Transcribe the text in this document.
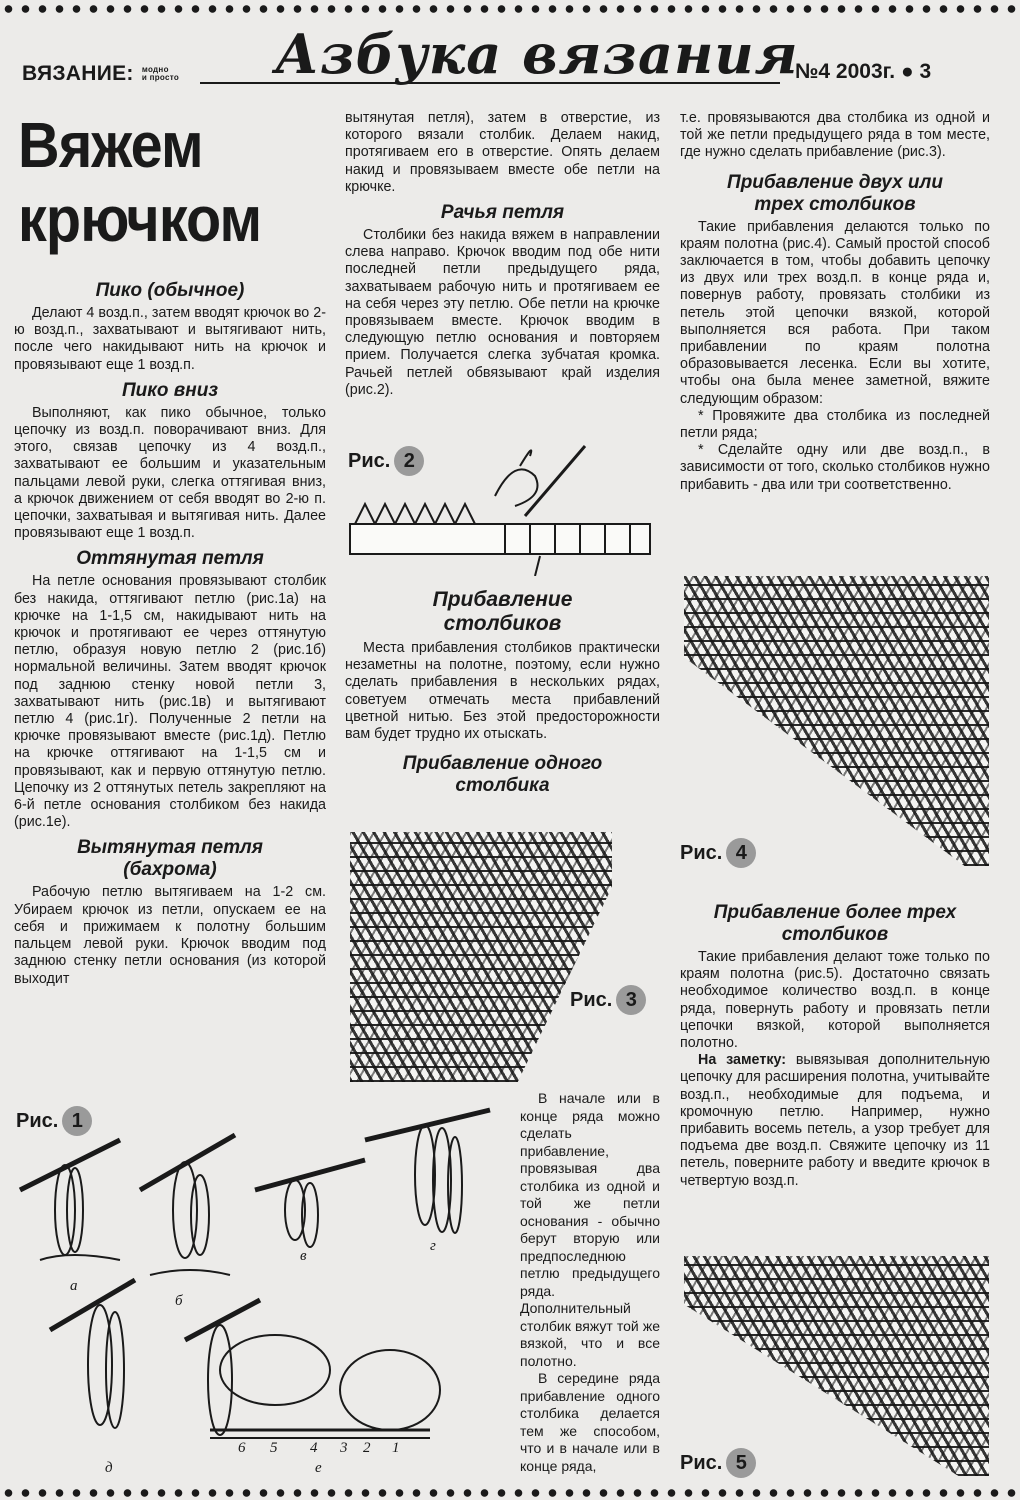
ВЯЗАНИЕ: модно
и просто Азбука вязания
№4 2003г. ● 3
Вяжем
крючком
Пико (обычное)

Делают 4 возд.п., затем вводят крючок во 2-ю возд.п., захватывают и вытягивают нить, после чего накидывают нить на крючок и провязывают еще 1 возд.п.

Пико вниз

Выполняют, как пико обычное, только цепочку из возд.п. поворачивают вниз. Для этого, связав цепочку из 4 возд.п., захватывают ее большим и указательным пальцами левой руки, слегка оттягивая вниз, а крючок движением от себя вводят во 2-ю п. цепочки, захватывая и вытягивая нить. Далее провязывают еще 1 возд.п.

Оттянутая петля

На петле основания провязывают столбик без накида, оттягивают петлю (рис.1а) на крючке на 1-1,5 см, накидывают нить на крючок и протягивают ее через оттянутую петлю, образуя новую петлю 2 (рис.1б) нормальной величины. Затем вводят крючок под заднюю стенку новой петли 3, захватывают нить (рис.1в) и вытягивают петлю 4 (рис.1г). Полученные 2 петли на крючке провязывают вместе (рис.1д). Петлю на крючке оттягивают на 1-1,5 см и провязывают, как и первую оттянутую петлю. Цепочку из 2 оттянутых петель закрепляют на 6-й петле основания столбиком без накида (рис.1е).

Вытянутая петля
(бахрома)

Рабочую петлю вытягиваем на 1-2 см. Убираем крючок из петли, опускаем ее на себя и прижимаем к полотну большим пальцем левой руки. Крючок вводим под заднюю стенку петли основания (из которой выходит

вытянутая петля), затем в отверстие, из которого вязали столбик. Делаем накид, протягиваем его в отверстие. Опять делаем накид и провязываем вместе обе петли на крючке.

Рачья петля

Столбики без накида вяжем в направлении слева направо. Крючок вводим под обе нити последней петли предыдущего ряда, захватываем рабочую нить и протягиваем ее на себя через эту петлю. Обе петли на крючке провязываем вместе. Крючок вводим в следующую петлю основания и повторяем прием. Получается слегка зубчатая кромка. Рачьей петлей обвязывают край изделия (рис.2).

Рис. 2
Прибавление
столбиков

Места прибавления столбиков практически незаметны на полотне, поэтому, если нужно сделать прибавления в нескольких рядах, советуем отмечать места прибавлений цветной нитью. Без этой предосторожности вам будет трудно их отыскать.

Прибавление одного
столбика
Рис. 3

В начале или в конце ряда можно сделать прибавление, провязывая два столбика из одной и той же петли основания - обычно берут вторую или предпоследнюю петлю предыдущего ряда. Дополнительный столбик вяжут той же вязкой, что и все полотно.

В середине ряда прибавление одного столбика делается тем же способом, что и в начале или в конце ряда,

Рис. 1
а
б
в
г
д	е
1
2
3
4
5
6

т.е. провязываются два столбика из одной и той же петли предыдущего ряда в том месте, где нужно сделать прибавление (рис.3).

Прибавление двух или
трех столбиков

Такие прибавления делаются только по краям полотна (рис.4). Самый простой способ заключается в том, чтобы добавить цепочку из двух или трех возд.п. в конце ряда и, повернув работу, провязать столбики из петель этой цепочки вязкой, которой выполняется вся работа. При таком прибавлении по краям полотна образовывается лесенка. Если вы хотите, чтобы она была менее заметной, вяжите следующим образом:

* Провяжите два столбика из последней петли ряда;

* Сделайте одну или две возд.п., в зависимости от того, сколько столбиков нужно прибавить - два или три соответственно.

Рис. 4
Прибавление более трех
столбиков

Такие прибавления делают тоже только по краям полотна (рис.5). Достаточно связать необходимое количество возд.п. в конце ряда, повернуть работу и провязать петли цепочки вязкой, которой выполняется полотно.

На заметку: вывязывая дополнительную цепочку для расширения полотна, учитывайте возд.п., необходимые для подъема, и кромочную петлю. Например, нужно прибавить восемь петель, а узор требует для подъема две возд.п. Свяжите цепочку из 11 петель, поверните работу и введите крючок в четвертую возд.п.

Рис. 5
